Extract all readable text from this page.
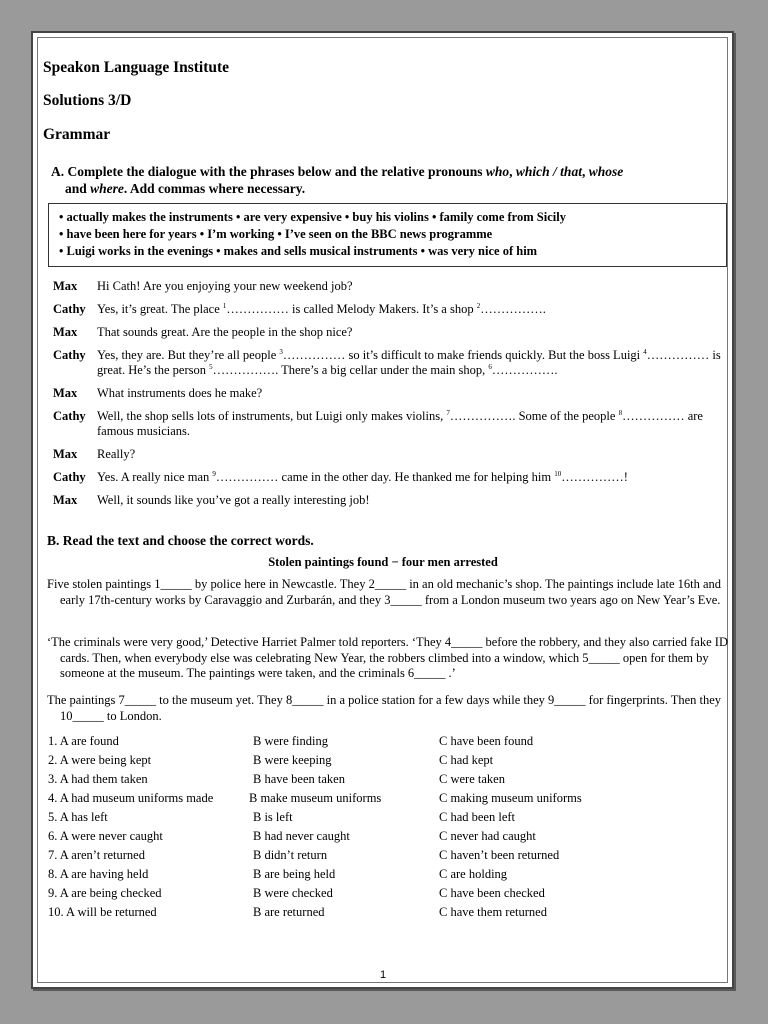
Speakon Language Institute
Solutions 3/D
Grammar
A. Complete the dialogue with the phrases below and the relative pronouns who, which / that, whose
and where. Add commas where necessary.
• actually makes the instruments • are very expensive • buy his violins • family come from Sicily
• have been here for years • I’m working • I’ve seen on the BBC news programme
• Luigi works in the evenings • makes and sells musical instruments • was very nice of him
Max	Hi Cath! Are you enjoying your new weekend job?
Cathy Yes, it’s great. The place $^1$…………… is called Melody Makers. It’s a shop $^2$…………….
Max	That sounds great. Are the people in the shop nice?
Cathy Yes, they are. But they’re all people $^3$…………… so it’s difficult to make friends quickly. But the boss Luigi $^4$…………… is great. He’s the person $^5$……………. There’s a big cellar under the main shop, $^6$…………….
Max	What instruments does he make?
Cathy Well, the shop sells lots of instruments, but Luigi only makes violins, $^7$……………. Some of the people $^8$…………… are famous musicians.
Max	Really?
Cathy Yes. A really nice man $^9$…………… came in the other day. He thanked me for helping him $^{10}$……………!
Max	Well, it sounds like you’ve got a really interesting job!
B. Read the text and choose the correct words.
Stolen paintings found − four men arrested
Five stolen paintings 1_____ by police here in Newcastle. They 2_____ in an old mechanic’s shop. The paintings include late 16th and early 17th-century works by Caravaggio and Zurbarán, and they 3_____ from a London museum two years ago on New Year’s Eve.
‘The criminals were very good,’ Detective Harriet Palmer told reporters. ‘They 4_____ before the robbery, and they also carried fake ID cards. Then, when everybody else was celebrating New Year, the robbers climbed into a window, which 5_____ open for them by someone at the museum. The paintings were taken, and the criminals 6_____ .’
The paintings 7_____ to the museum yet. They 8_____ in a police station for a few days while they 9_____ for fingerprints. Then they 10_____ to London.
1. A are found	B were finding	C have been found
2. A were being kept	B were keeping	C had kept
3. A had them taken	B have been taken	C were taken
4. A had museum uniforms made	B make museum uniforms	C making museum uniforms
5. A has left	B is left	C had been left
6. A were never caught	B had never caught	C never had caught
7. A aren’t returned	B didn’t return	C haven’t been returned
8. A are having held	B are being held	C are holding
9. A are being checked	B were checked	C have been checked
10. A will be returned	B are returned	C have them returned
1
